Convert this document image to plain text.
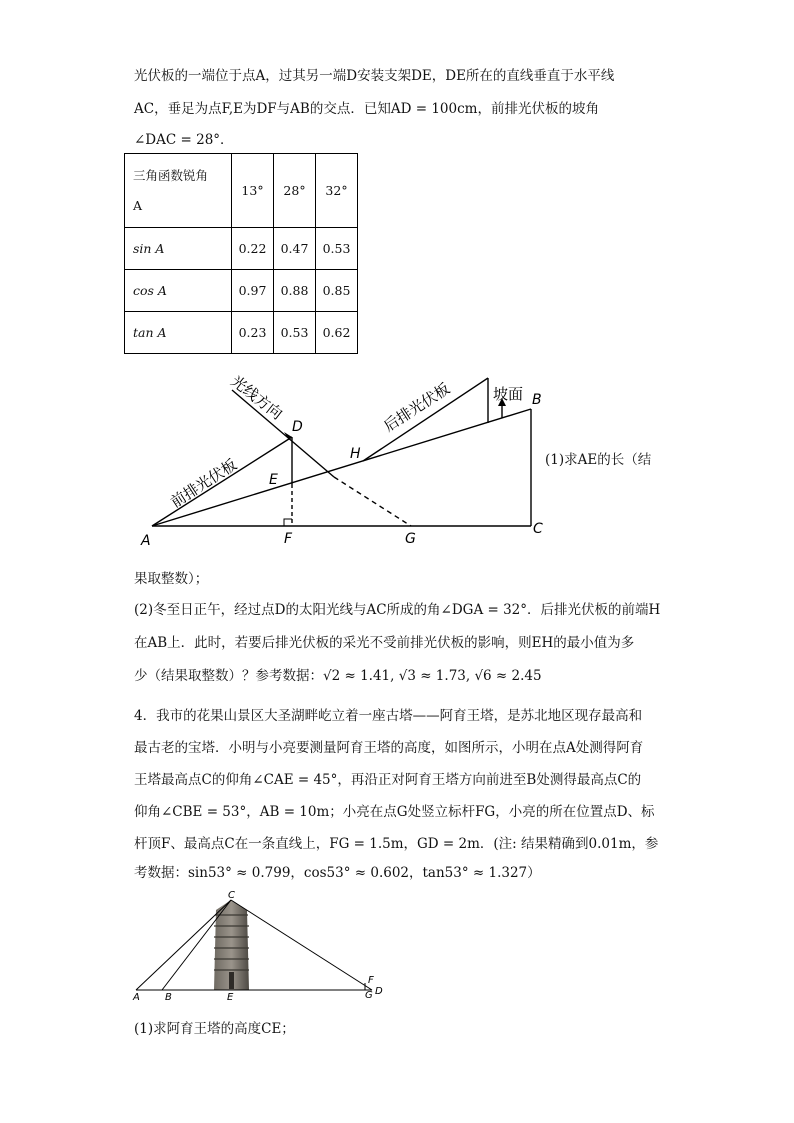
光伏板的一端位于点A，过其另一端D安装支架DE，DE所在的直线垂直于水平线
AC，垂足为点F,E为DF与AB的交点．已知AD = 100cm，前排光伏板的坡角
∠DAC = 28°．
三角函数锐角
A	13°	28°	32°
sin A	0.22	0.47	0.53
cos A	0.97	0.88	0.85
tan A	0.23	0.53	0.62
光线方向
前排光伏板
后排光伏板	坡面
A
B
C
D
E
F	G
H	(1)求AE的长（结
果取整数）；
(2)冬至日正午，经过点D的太阳光线与AC所成的角∠DGA = 32°．后排光伏板的前端H
在AB上．此时，若要后排光伏板的采光不受前排光伏板的影响，则EH的最小值为多
少（结果取整数）？参考数据：√2 ≈ 1.41, √3 ≈ 1.73, √6 ≈ 2.45
4．我市的花果山景区大圣湖畔屹立着一座古塔——阿育王塔，是苏北地区现存最高和
最古老的宝塔．小明与小亮要测量阿育王塔的高度，如图所示，小明在点A处测得阿育
王塔最高点C的仰角∠CAE = 45°，再沿正对阿育王塔方向前进至B处测得最高点C的
仰角∠CBE = 53°，AB = 10m；小亮在点G处竖立标杆FG，小亮的所在位置点D、标
杆顶F、最高点C在一条直线上，FG = 1.5m，GD = 2m．(注: 结果精确到0.01m，参
考数据：sin53° ≈ 0.799，cos53° ≈ 0.602，tan53° ≈ 1.327）
C
A	B	E
F
G D
(1)求阿育王塔的高度CE；
